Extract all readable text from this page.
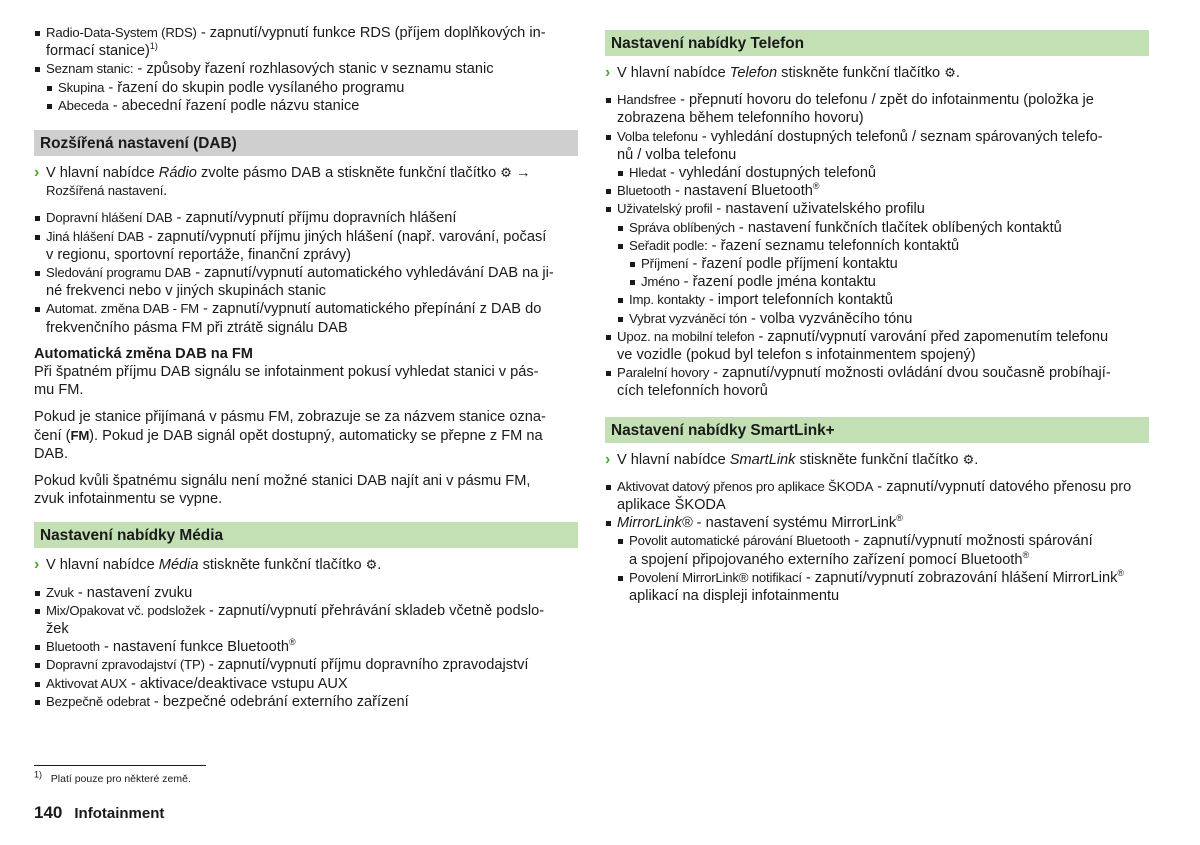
Radio-Data-System (RDS) - zapnutí/vypnutí funkce RDS (příjem doplňkových in-
formací stanice)$^{1)}$
Seznam stanic: - způsoby řazení rozhlasových stanic v seznamu stanic
Skupina - řazení do skupin podle vysílaného programu
Abeceda - abecední řazení podle názvu stanice
Rozšířená nastavení (DAB)
› V hlavní nabídce Rádio zvolte pásmo DAB a stiskněte funkční tlačítko ⚙ →
Rozšířená nastavení.
Dopravní hlášení DAB - zapnutí/vypnutí příjmu dopravních hlášení
Jiná hlášení DAB - zapnutí/vypnutí příjmu jiných hlášení (např. varování, počasí
v regionu, sportovní reportáže, finanční zprávy)
Sledování programu DAB - zapnutí/vypnutí automatického vyhledávání DAB na ji-
né frekvenci nebo v jiných skupinách stanic
Automat. změna DAB - FM - zapnutí/vypnutí automatického přepínání z DAB do
frekvenčního pásma FM při ztrátě signálu DAB
Automatická změna DAB na FM
Při špatném příjmu DAB signálu se infotainment pokusí vyhledat stanici v pás-
mu FM.
Pokud je stanice přijímaná v pásmu FM, zobrazuje se za názvem stanice ozna-
čení (FM). Pokud je DAB signál opět dostupný, automaticky se přepne z FM na
DAB.
Pokud kvůli špatnému signálu není možné stanici DAB najít ani v pásmu FM,
zvuk infotainmentu se vypne.
Nastavení nabídky Média
› V hlavní nabídce Média stiskněte funkční tlačítko ⚙.
Zvuk - nastavení zvuku
Mix/Opakovat vč. podsložek - zapnutí/vypnutí přehrávání skladeb včetně podslo-
žek
Bluetooth - nastavení funkce Bluetooth®
Dopravní zpravodajství (TP) - zapnutí/vypnutí příjmu dopravního zpravodajství
Aktivovat AUX - aktivace/deaktivace vstupu AUX
Bezpečně odebrat - bezpečné odebrání externího zařízení
Nastavení nabídky Telefon
› V hlavní nabídce Telefon stiskněte funkční tlačítko ⚙.
Handsfree - přepnutí hovoru do telefonu / zpět do infotainmentu (položka je
zobrazena během telefonního hovoru)
Volba telefonu - vyhledání dostupných telefonů / seznam spárovaných telefo-
nů / volba telefonu
Hledat - vyhledání dostupných telefonů
Bluetooth - nastavení Bluetooth®
Uživatelský profil - nastavení uživatelského profilu
Správa oblíbených - nastavení funkčních tlačítek oblíbených kontaktů
Seřadit podle: - řazení seznamu telefonních kontaktů
Příjmení - řazení podle příjmení kontaktu
Jméno - řazení podle jména kontaktu
Imp. kontakty - import telefonních kontaktů
Vybrat vyzváněcí tón - volba vyzváněcího tónu
Upoz. na mobilní telefon - zapnutí/vypnutí varování před zapomenutím telefonu
ve vozidle (pokud byl telefon s infotainmentem spojený)
Paralelní hovory - zapnutí/vypnutí možnosti ovládání dvou současně probíhají-
cích telefonních hovorů
Nastavení nabídky SmartLink+
› V hlavní nabídce SmartLink stiskněte funkční tlačítko ⚙.
Aktivovat datový přenos pro aplikace ŠKODA - zapnutí/vypnutí datového přenosu pro
aplikace ŠKODA
MirrorLink® - nastavení systému MirrorLink®
Povolit automatické párování Bluetooth - zapnutí/vypnutí možnosti spárování
a spojení připojovaného externího zařízení pomocí Bluetooth®
Povolení MirrorLink® notifikací - zapnutí/vypnutí zobrazování hlášení MirrorLink®
aplikací na displeji infotainmentu
$^{1)}$ Platí pouze pro některé země.
140 Infotainment
